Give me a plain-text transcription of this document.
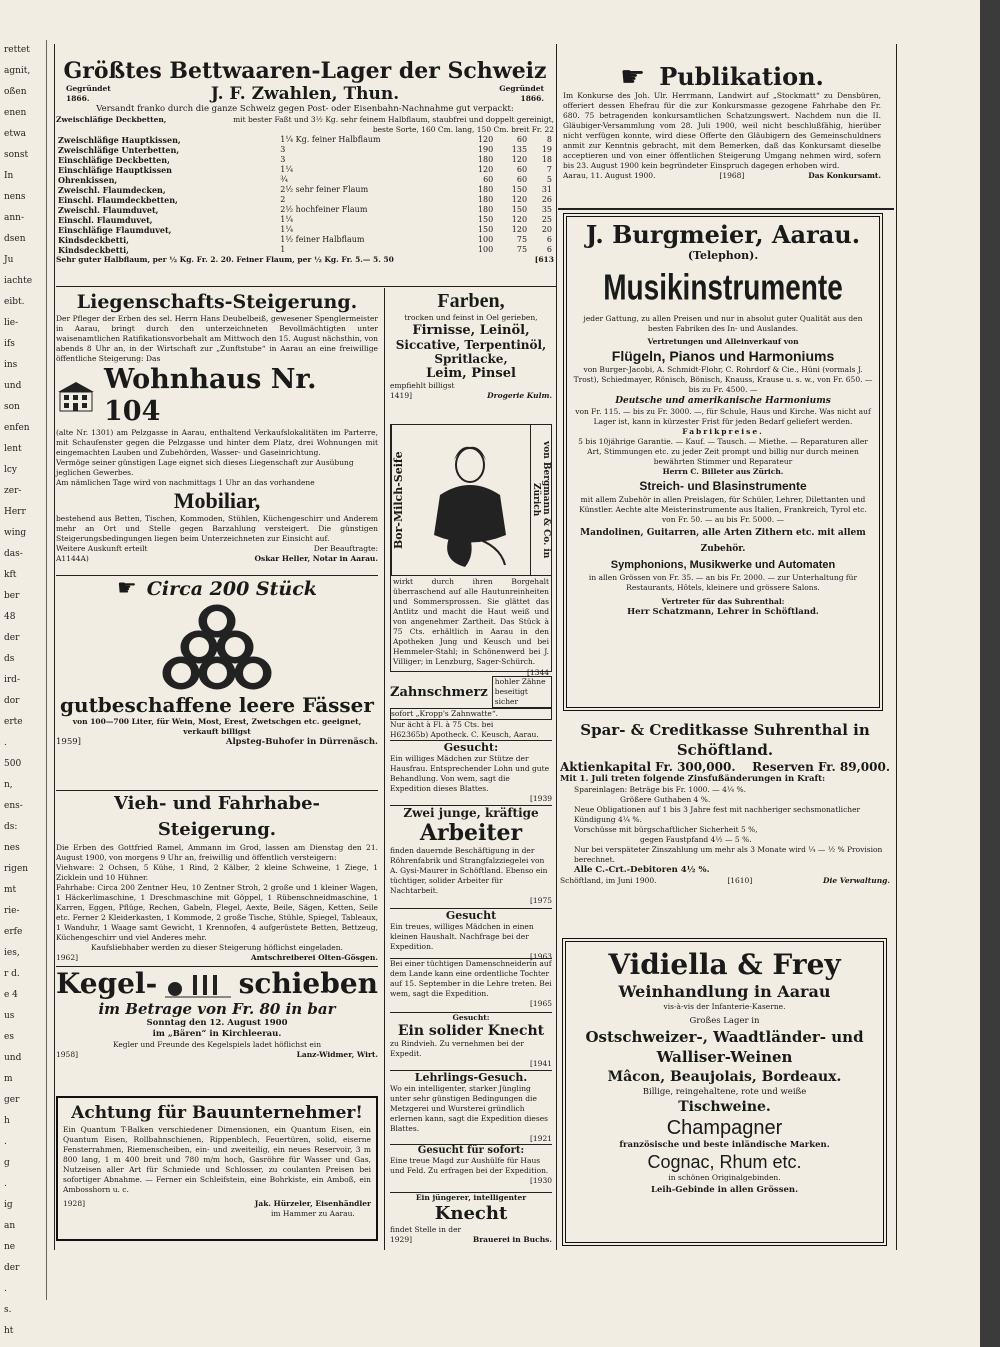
rettet
agnit,
oßen
enen
etwa
sonst
In
nens
ann-
dsen
Ju
iachte
eibt.
lie-
ifs
ins
und
son
enfen
lent
lcy
zer-
Herr
wing
das-
kft
ber
48
der
ds
ird-
dor
erte
.
500
n,
ens-
ds:
nes
rigen
mt
rie-
erfe
ies,
r d.
e 4
us
es
und
m
ger
h
.
g
.
ig
an
ne
der
.
s.
ht
Größtes Bettwaaren-Lager der Schweiz
Gegründet 1866.	J. F. Zwahlen, Thun.	Gegründet 1866.
Versandt franko durch die ganze Schweiz gegen Post- oder Eisenbahn-Nachnahme gut verpackt:
Zweischläfige Deckbetten,	mit bester Faßt und 3½ Kg. sehr feinem Halbflaum, staubfrei und doppelt gereinigt,
beste Sorte, 160 Cm. lang, 150 Cm. breit Fr. 22
Zweischläfige Hauptkissen,	1¼ Kg. feiner Halbflaum	120	60	8
Zweischläfige Unterbetten,	3	190	135	19
Einschläfige Deckbetten,	3	180	120	18
Einschläfige Hauptkissen	1¼	120	60	7
Ohrenkissen,	¾	60	60	5
Zweischl. Flaumdecken,	2½ sehr feiner Flaum	180	150	31
Einschl. Flaumdeckbetten,	2	180	120	26
Zweischl. Flaumduvet,	2½ hochfeiner Flaum	180	150	35
Einschl. Flaumduvet,	1¼	150	120	25
Einschläfige Flaumduvet,	1¼	150	120	20
Kindsdeckbetti,	1½ feiner Halbflaum	100	75	6
Kindsdeckbetti,	1	100	75	6
Sehr guter Halbflaum, per ½ Kg. Fr. 2. 20. Feiner Flaum, per ½ Kg. Fr. 5.— 5. 50	[613
☛ Publikation.
Im Konkurse des Joh. Ulr. Herrmann, Landwirt auf „Stockmatt“ zu Densbüren, offeriert dessen Ehefrau für die zur Konkursmasse gezogene Fahrhabe den Fr. 680. 75 betragenden konkursamtlichen Schatzungswert. Nachdem nun die II. Gläubiger-Versammlung vom 28. Juli 1900, weil nicht beschlußfähig, hierüber nicht verfügen konnte, wird diese Offerte den Gläubigern des Gemeinschuldners anmit zur Kenntnis gebracht, mit dem Bemerken, daß das Konkursamt dieselbe acceptieren und von einer öffentlichen Steigerung Umgang nehmen wird, sofern bis 23. August 1900 kein begründeter Einspruch dagegen erhoben wird.
Aarau, 11. August 1900.	[1968]	Das Konkursamt.
J. Burgmeier, Aarau.
(Telephon).
Musikinstrumente
jeder Gattung, zu allen Preisen und nur in absolut guter Qualität aus den besten Fabriken des In- und Auslandes.
Vertretungen und Alleinverkauf von
Flügeln, Pianos und Harmoniums
von Burger-Jacobi, A. Schmidt-Flohr, C. Rohrdorf & Cie., Hüni (vormals J. Trost), Schiedmayer, Rönisch, Bönisch, Knauss, Krause u. s. w., von Fr. 650. — bis zu Fr. 4500. —
Deutsche und amerikanische Harmoniums
von Fr. 115. — bis zu Fr. 3000. —, für Schule, Haus und Kirche. Was nicht auf Lager ist, kann in kürzester Frist für jeden Bedarf geliefert werden.
Fabrikpreise.
5 bis 10jährige Garantie. — Kauf. — Tausch. — Miethe. — Reparaturen aller Art, Stimmungen etc. zu jeder Zeit prompt und billig nur durch meinen bewährten Stimmer und Reparateur
Herrn C. Billeter aus Zürich.
Streich- und Blasinstrumente
mit allem Zubehör in allen Preislagen, für Schüler, Lehrer, Dilettanten und Künstler. Aechte alte Meisterinstrumente aus Italien, Frankreich, Tyrol etc. von Fr. 50. — au bis Fr. 5000. —
Mandolinen, Guitarren, alle Arten Zithern etc. mit allem Zubehör.
Symphonions, Musikwerke und Automaten
in allen Grössen von Fr. 35. — an bis Fr. 2000. — zur Unterhaltung für Restaurants, Hôtels, kleinere und grössere Salons.
Vertreter für das Suhrenthal:
Herr Schatzmann, Lehrer in Schöftland.
Spar- & Creditkasse Suhrenthal in Schöftland.
Aktienkapital Fr. 300,000. Reserven Fr. 89,000.
Mit 1. Juli treten folgende Zinsfußänderungen in Kraft:
Spareinlagen: Beträge bis Fr. 1000. — 4¼ %.
Größere Guthaben 4 %.
Neue Obligationen auf 1 bis 3 Jahre fest mit nachheriger sechsmonatlicher Kündigung 4¼ %.
Vorschüsse mit bürgschaftlicher Sicherheit 5 %,
gegen Faustpfand 4½ — 5 %.
Nur bei verspäteter Zinszahlung um mehr als 3 Monate wird ¼ — ½ % Provision berechnet.
Alle C.-Crt.-Debitoren 4½ %.
Schöftland, im Juni 1900.	[1610]	Die Verwaltung.
Vidiella & Frey
Weinhandlung in Aarau
vis-à-vis der Infanterie-Kaserne.
Großes Lager in
Ostschweizer-, Waadtländer- und
Walliser-Weinen
Mâcon, Beaujolais, Bordeaux.
Billige, reingehaltene, rote und weiße
Tischweine.
Champagner
französische und beste inländische Marken.
Cognac, Rhum etc.
in schönen Originalgebinden.
Leih-Gebinde in allen Grössen.
Liegenschafts-Steigerung.
Der Pfleger der Erben des sel. Herrn Hans Deubelbeiß, gewesener Spenglermeister in Aarau, bringt durch den unterzeichneten Bevollmächtigten unter waisenamtlichen Ratifikationsvorbehalt am Mittwoch den 15. August nächsthin, von abends 8 Uhr an, in der Wirtschaft zur „Zunftstube“ in Aarau an eine freiwillige öffentliche Steigerung: Das
Wohnhaus Nr. 104
(alte Nr. 1301) am Pelzgasse in Aarau, enthaltend Verkaufslokalitäten im Parterre, mit Schaufenster gegen die Pelzgasse und hinter dem Platz, drei Wohnungen mit eingemachten Lauben und Zubehörden, Wasser- und Gaseinrichtung.
Vermöge seiner günstigen Lage eignet sich dieses Liegenschaft zur Ausübung jeglichen Gewerbes.
Am nämlichen Tage wird von nachmittags 1 Uhr an das vorhandene
Mobiliar,
bestehend aus Betten, Tischen, Kommoden, Stühlen, Küchengeschirr und Anderem mehr an Ort und Stelle gegen Barzahlung versteigert. Die günstigen Steigerungsbedingungen liegen beim Unterzeichneten zur Einsicht auf.
Weitere Auskunft erteilt	Der Beauftragte:
A1144A)	Oskar Heller, Notar in Aarau.
☛ Circa 200 Stück
gutbeschaffene leere Fässer
von 100—700 Liter, für Wein, Most, Erest, Zwetschgen etc. geeignet, verkauft billigst
1959]	Alpsteg-Buhofer in Dürrenäsch.
Vieh- und Fahrhabe-Steigerung.
Die Erben des Gottfried Ramel, Ammann im Grod, lassen am Dienstag den 21. August 1900, von morgens 9 Uhr an, freiwillig und öffentlich versteigern:
Viehware: 2 Ochsen, 5 Kühe, 1 Rind, 2 Kälber, 2 kleine Schweine, 1 Ziege, 1 Zicklein und 10 Hühner.
Fahrhabe: Circa 200 Zentner Heu, 10 Zentner Stroh, 2 große und 1 kleiner Wagen, 1 Häckerlimaschine, 1 Dreschmaschine mit Göppel, 1 Rübenschneidmaschine, 1 Karren, Eggen, Pflüge, Rechen, Gabeln, Flegel, Aexte, Beile, Sägen, Ketten, Seile etc. Ferner 2 Kleiderkasten, 1 Kommode, 2 große Tische, Stühle, Spiegel, Tableaux, 1 Wanduhr, 1 Waage samt Gewicht, 1 Krennofen, 4 aufgerüstete Betten, Bettzeug, Küchengeschirr und viel Anderes mehr.
Kaufsliebhaber werden zu dieser Steigerung höflichst eingeladen.
1962]	Amtschreiberei Olten-Gösgen.
Kegel-	schieben
im Betrage von Fr. 80 in bar
Sonntag den 12. August 1900
im „Bären“ in Kirchleerau.
Kegler und Freunde des Kegelspiels ladet höflichst ein
1958]	Lanz-Widmer, Wirt.
Achtung für Bauunternehmer!
Ein Quantum T-Balken verschiedener Dimensionen, ein Quantum Eisen, ein Quantum Eisen, Rollbahnschienen, Rippenblech, Feuertüren, solid, eiserne Fensterrahmen, Riemenscheiben, ein- und zweiteilig, ein neues Reservoir, 3 m 800 lang, 1 m 400 breit und 780 m/m hoch, Gasröhre für Wasser und Gas, Nutzeisen aller Art für Schmiede und Schlosser, zu coulanten Preisen bei sofortiger Abnahme. — Ferner ein Schleifstein, eine Bohrkiste, ein Amboß, ein Ambosshorn u. c.
1928]	Jak. Hürzeler, Eisenhändler
im Hammer zu Aarau.
Farben,
trocken und feinst in Oel gerieben,
Firnisse, Leinöl,
Siccative, Terpentinöl,
Spritlacke,
Leim, Pinsel
empfiehlt billigst
1419]	Drogerie Kulm.
Bor-Milch-Seife	von Bergmann & Co. in Zürich
wirkt durch ihren Borgehalt überraschend auf alle Hautunreinheiten und Sommersprossen. Sie glättet das Antlitz und macht die Haut weiß und von angenehmer Zartheit. Das Stück à 75 Cts. erhältlich in Aarau in den Apotheken Jung und Keusch und bei Hemmeler-Stahl; in Schönenwerd bei J. Villiger; in Lenzburg, Sager-Schürch.
[1344
Zahnschmerz
hohler Zähne
beseitigt sicher
sofort „Kropp's Zahnwatte“.
Nur ächt à Fl. à 75 Cts. bei
H62365b) Apotheck. C. Keusch, Aarau.
Gesucht:
Ein williges Mädchen zur Stütze der Hausfrau. Entsprechender Lohn und gute Behandlung. Von wem, sagt die Expedition dieses Blattes.
[1939
Zwei junge, kräftige
Arbeiter
finden dauernde Beschäftigung in der Röhrenfabrik und Strangfalzziegelei von A. Gysi-Maurer in Schöftland. Ebenso ein tüchtiger, solider Arbeiter für Nachtarbeit.
[1975
Gesucht
Ein treues, williges Mädchen in einen kleinen Haushalt. Nachfrage bei der Expedition.
[1963
Bei einer tüchtigen Damenschneiderin auf dem Lande kann eine ordentliche Tochter auf 15. September in die Lehre treten. Bei wem, sagt die Expedition.
[1965
Gesucht:
Ein solider Knecht
zu Rindvieh. Zu vernehmen bei der Expedit.
[1941
Lehrlings-Gesuch.
Wo ein intelligenter, starker Jüngling unter sehr günstigen Bedingungen die Metzgerei und Wursterei gründlich erlernen kann, sagt die Expedition dieses Blattes.
[1921
Gesucht für sofort:
Eine treue Magd zur Aushülfe für Haus und Feld. Zu erfragen bei der Expedition.
[1930
Ein jüngerer, intelligenter
Knecht
findet Stelle in der
1929]	Brauerei in Buchs.
